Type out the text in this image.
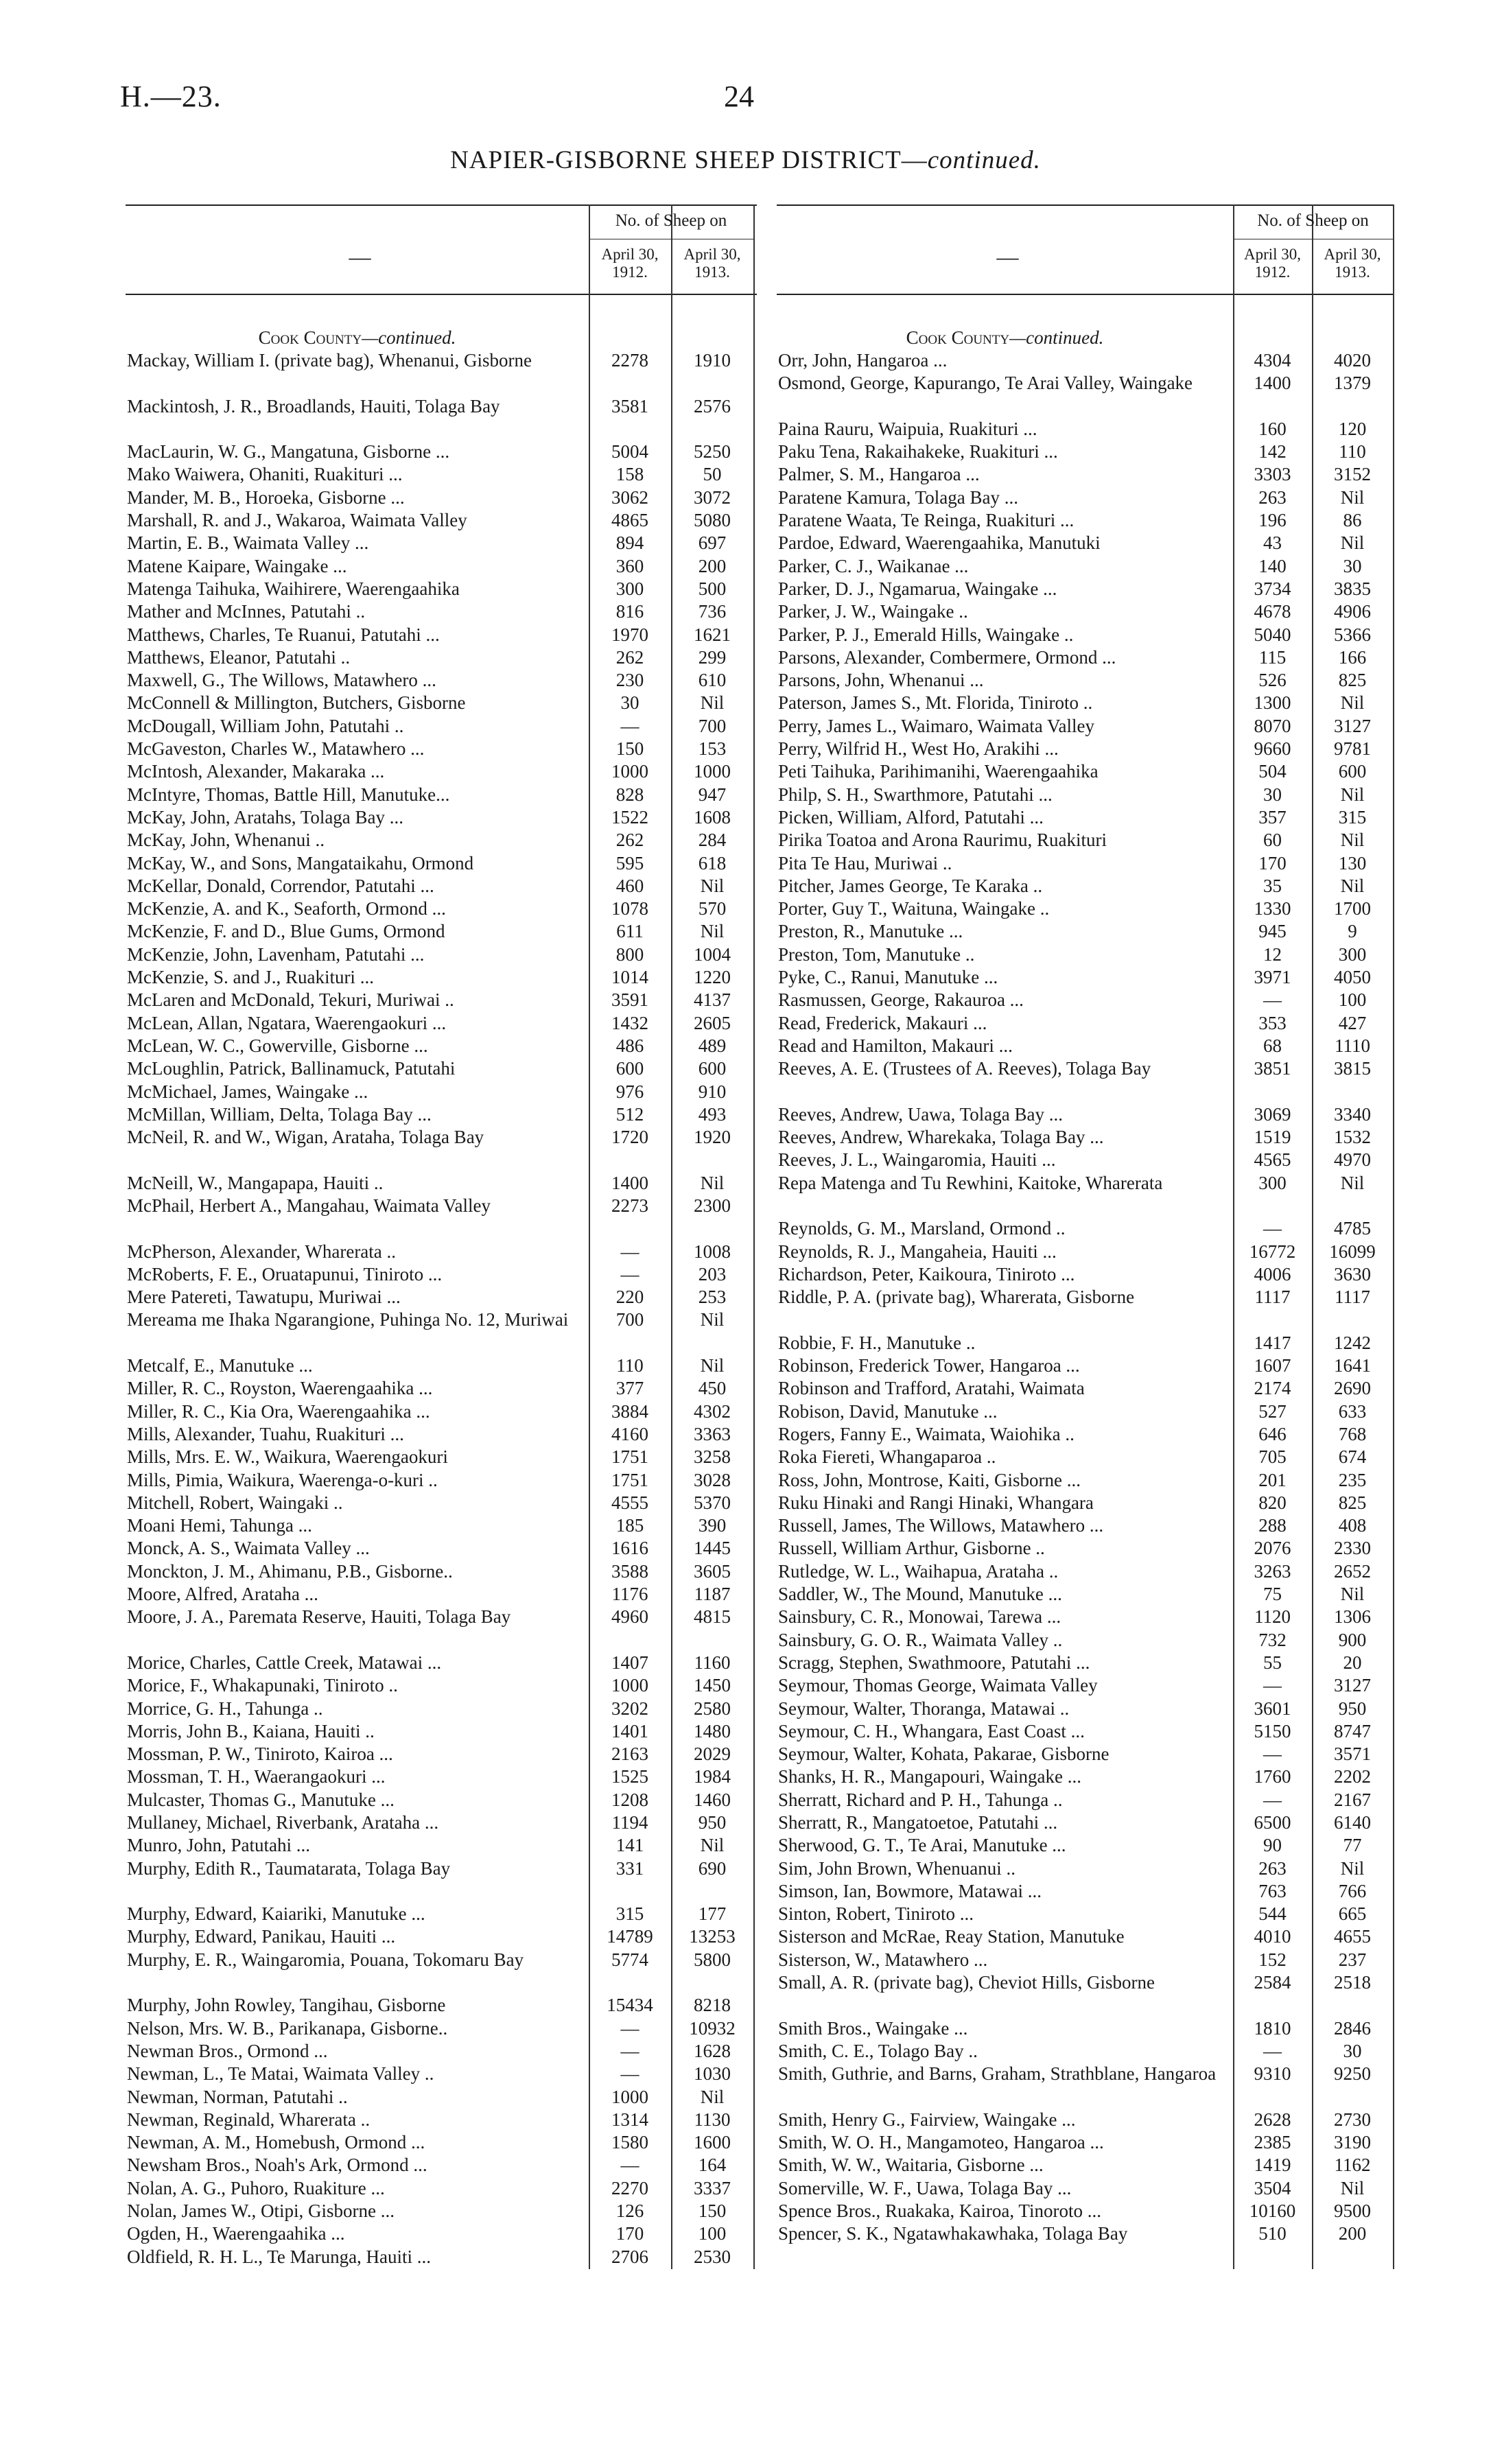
H.—23.	24
NAPIER-GISBORNE SHEEP DISTRICT—continued.
—
No. of Sheep on
April 30,
1912.
April 30,
1913.
Cook County—continued.
Mackay, William I. (private bag), Whenanui, Gisborne	2278	1910
Mackintosh, J. R., Broadlands, Hauiti, Tolaga Bay	3581	2576
MacLaurin, W. G., Mangatuna, Gisborne ...	5004	5250
Mako Waiwera, Ohaniti, Ruakituri ...	158	50
Mander, M. B., Horoeka, Gisborne ...	3062	3072
Marshall, R. and J., Wakaroa, Waimata Valley	4865	5080
Martin, E. B., Waimata Valley ...	894	697
Matene Kaipare, Waingake ...	360	200
Matenga Taihuka, Waihirere, Waerengaahika	300	500
Mather and McInnes, Patutahi ..	816	736
Matthews, Charles, Te Ruanui, Patutahi ...	1970	1621
Matthews, Eleanor, Patutahi ..	262	299
Maxwell, G., The Willows, Matawhero ...	230	610
McConnell & Millington, Butchers, Gisborne	30	Nil
McDougall, William John, Patutahi ..	—	700
McGaveston, Charles W., Matawhero ...	150	153
McIntosh, Alexander, Makaraka ...	1000	1000
McIntyre, Thomas, Battle Hill, Manutuke...	828	947
McKay, John, Aratahs, Tolaga Bay ...	1522	1608
McKay, John, Whenanui ..	262	284
McKay, W., and Sons, Mangataikahu, Ormond	595	618
McKellar, Donald, Correndor, Patutahi ...	460	Nil
McKenzie, A. and K., Seaforth, Ormond ...	1078	570
McKenzie, F. and D., Blue Gums, Ormond	611	Nil
McKenzie, John, Lavenham, Patutahi ...	800	1004
McKenzie, S. and J., Ruakituri ...	1014	1220
McLaren and McDonald, Tekuri, Muriwai ..	3591	4137
McLean, Allan, Ngatara, Waerengaokuri ...	1432	2605
McLean, W. C., Gowerville, Gisborne ...	486	489
McLoughlin, Patrick, Ballinamuck, Patutahi	600	600
McMichael, James, Waingake ...	976	910
McMillan, William, Delta, Tolaga Bay ...	512	493
McNeil, R. and W., Wigan, Arataha, Tolaga Bay	1720	1920
McNeill, W., Mangapapa, Hauiti ..	1400	Nil
McPhail, Herbert A., Mangahau, Waimata Valley	2273	2300
McPherson, Alexander, Wharerata ..	—	1008
McRoberts, F. E., Oruatapunui, Tiniroto ...	—	203
Mere Patereti, Tawatupu, Muriwai ...	220	253
Mereama me Ihaka Ngarangione, Puhinga No. 12, Muriwai	700	Nil
Metcalf, E., Manutuke ...	110	Nil
Miller, R. C., Royston, Waerengaahika ...	377	450
Miller, R. C., Kia Ora, Waerengaahika ...	3884	4302
Mills, Alexander, Tuahu, Ruakituri ...	4160	3363
Mills, Mrs. E. W., Waikura, Waerengaokuri	1751	3258
Mills, Pimia, Waikura, Waerenga-o-kuri ..	1751	3028
Mitchell, Robert, Waingaki ..	4555	5370
Moani Hemi, Tahunga ...	185	390
Monck, A. S., Waimata Valley ...	1616	1445
Monckton, J. M., Ahimanu, P.B., Gisborne..	3588	3605
Moore, Alfred, Arataha ...	1176	1187
Moore, J. A., Paremata Reserve, Hauiti, Tolaga Bay	4960	4815
Morice, Charles, Cattle Creek, Matawai ...	1407	1160
Morice, F., Whakapunaki, Tiniroto ..	1000	1450
Morrice, G. H., Tahunga ..	3202	2580
Morris, John B., Kaiana, Hauiti ..	1401	1480
Mossman, P. W., Tiniroto, Kairoa ...	2163	2029
Mossman, T. H., Waerangaokuri ...	1525	1984
Mulcaster, Thomas G., Manutuke ...	1208	1460
Mullaney, Michael, Riverbank, Arataha ...	1194	950
Munro, John, Patutahi ...	141	Nil
Murphy, Edith R., Taumatarata, Tolaga Bay	331	690
Murphy, Edward, Kaiariki, Manutuke ...	315	177
Murphy, Edward, Panikau, Hauiti ...	14789	13253
Murphy, E. R., Waingaromia, Pouana, Tokomaru Bay	5774	5800
Murphy, John Rowley, Tangihau, Gisborne	15434	8218
Nelson, Mrs. W. B., Parikanapa, Gisborne..	—	10932
Newman Bros., Ormond ...	—	1628
Newman, L., Te Matai, Waimata Valley ..	—	1030
Newman, Norman, Patutahi ..	1000	Nil
Newman, Reginald, Wharerata ..	1314	1130
Newman, A. M., Homebush, Ormond ...	1580	1600
Newsham Bros., Noah's Ark, Ormond ...	—	164
Nolan, A. G., Puhoro, Ruakiture ...	2270	3337
Nolan, James W., Otipi, Gisborne ...	126	150
Ogden, H., Waerengaahika ...	170	100
Oldfield, R. H. L., Te Marunga, Hauiti ...	2706	2530
—
No. of Sheep on
April 30,
1912.
April 30,
1913.
Cook County—continued.
Orr, John, Hangaroa ...	4304	4020
Osmond, George, Kapurango, Te Arai Valley, Waingake	1400	1379
Paina Rauru, Waipuia, Ruakituri ...	160	120
Paku Tena, Rakaihakeke, Ruakituri ...	142	110
Palmer, S. M., Hangaroa ...	3303	3152
Paratene Kamura, Tolaga Bay ...	263	Nil
Paratene Waata, Te Reinga, Ruakituri ...	196	86
Pardoe, Edward, Waerengaahika, Manutuki	43	Nil
Parker, C. J., Waikanae ...	140	30
Parker, D. J., Ngamarua, Waingake ...	3734	3835
Parker, J. W., Waingake ..	4678	4906
Parker, P. J., Emerald Hills, Waingake ..	5040	5366
Parsons, Alexander, Combermere, Ormond ...	115	166
Parsons, John, Whenanui ...	526	825
Paterson, James S., Mt. Florida, Tiniroto ..	1300	Nil
Perry, James L., Waimaro, Waimata Valley	8070	3127
Perry, Wilfrid H., West Ho, Arakihi ...	9660	9781
Peti Taihuka, Parihimanihi, Waerengaahika	504	600
Philp, S. H., Swarthmore, Patutahi ...	30	Nil
Picken, William, Alford, Patutahi ...	357	315
Pirika Toatoa and Arona Raurimu, Ruakituri	60	Nil
Pita Te Hau, Muriwai ..	170	130
Pitcher, James George, Te Karaka ..	35	Nil
Porter, Guy T., Waituna, Waingake ..	1330	1700
Preston, R., Manutuke ...	945	9
Preston, Tom, Manutuke ..	12	300
Pyke, C., Ranui, Manutuke ...	3971	4050
Rasmussen, George, Rakauroa ...	—	100
Read, Frederick, Makauri ...	353	427
Read and Hamilton, Makauri ...	68	1110
Reeves, A. E. (Trustees of A. Reeves), Tolaga Bay	3851	3815
Reeves, Andrew, Uawa, Tolaga Bay ...	3069	3340
Reeves, Andrew, Wharekaka, Tolaga Bay ...	1519	1532
Reeves, J. L., Waingaromia, Hauiti ...	4565	4970
Repa Matenga and Tu Rewhini, Kaitoke, Wharerata	300	Nil
Reynolds, G. M., Marsland, Ormond ..	—	4785
Reynolds, R. J., Mangaheia, Hauiti ...	16772	16099
Richardson, Peter, Kaikoura, Tiniroto ...	4006	3630
Riddle, P. A. (private bag), Wharerata, Gisborne	1117	1117
Robbie, F. H., Manutuke ..	1417	1242
Robinson, Frederick Tower, Hangaroa ...	1607	1641
Robinson and Trafford, Aratahi, Waimata	2174	2690
Robison, David, Manutuke ...	527	633
Rogers, Fanny E., Waimata, Waiohika ..	646	768
Roka Fiereti, Whangaparoa ..	705	674
Ross, John, Montrose, Kaiti, Gisborne ...	201	235
Ruku Hinaki and Rangi Hinaki, Whangara	820	825
Russell, James, The Willows, Matawhero ...	288	408
Russell, William Arthur, Gisborne ..	2076	2330
Rutledge, W. L., Waihapua, Arataha ..	3263	2652
Saddler, W., The Mound, Manutuke ...	75	Nil
Sainsbury, C. R., Monowai, Tarewa ...	1120	1306
Sainsbury, G. O. R., Waimata Valley ..	732	900
Scragg, Stephen, Swathmoore, Patutahi ...	55	20
Seymour, Thomas George, Waimata Valley	—	3127
Seymour, Walter, Thoranga, Matawai ..	3601	950
Seymour, C. H., Whangara, East Coast ...	5150	8747
Seymour, Walter, Kohata, Pakarae, Gisborne	—	3571
Shanks, H. R., Mangapouri, Waingake ...	1760	2202
Sherratt, Richard and P. H., Tahunga ..	—	2167
Sherratt, R., Mangatoetoe, Patutahi ...	6500	6140
Sherwood, G. T., Te Arai, Manutuke ...	90	77
Sim, John Brown, Whenuanui ..	263	Nil
Simson, Ian, Bowmore, Matawai ...	763	766
Sinton, Robert, Tiniroto ...	544	665
Sisterson and McRae, Reay Station, Manutuke	4010	4655
Sisterson, W., Matawhero ...	152	237
Small, A. R. (private bag), Cheviot Hills, Gisborne	2584	2518
Smith Bros., Waingake ...	1810	2846
Smith, C. E., Tolago Bay ..	—	30
Smith, Guthrie, and Barns, Graham, Strathblane, Hangaroa	9310	9250
Smith, Henry G., Fairview, Waingake ...	2628	2730
Smith, W. O. H., Mangamoteo, Hangaroa ...	2385	3190
Smith, W. W., Waitaria, Gisborne ...	1419	1162
Somerville, W. F., Uawa, Tolaga Bay ...	3504	Nil
Spence Bros., Ruakaka, Kairoa, Tinoroto ...	10160	9500
Spencer, S. K., Ngatawhakawhaka, Tolaga Bay	510	200
